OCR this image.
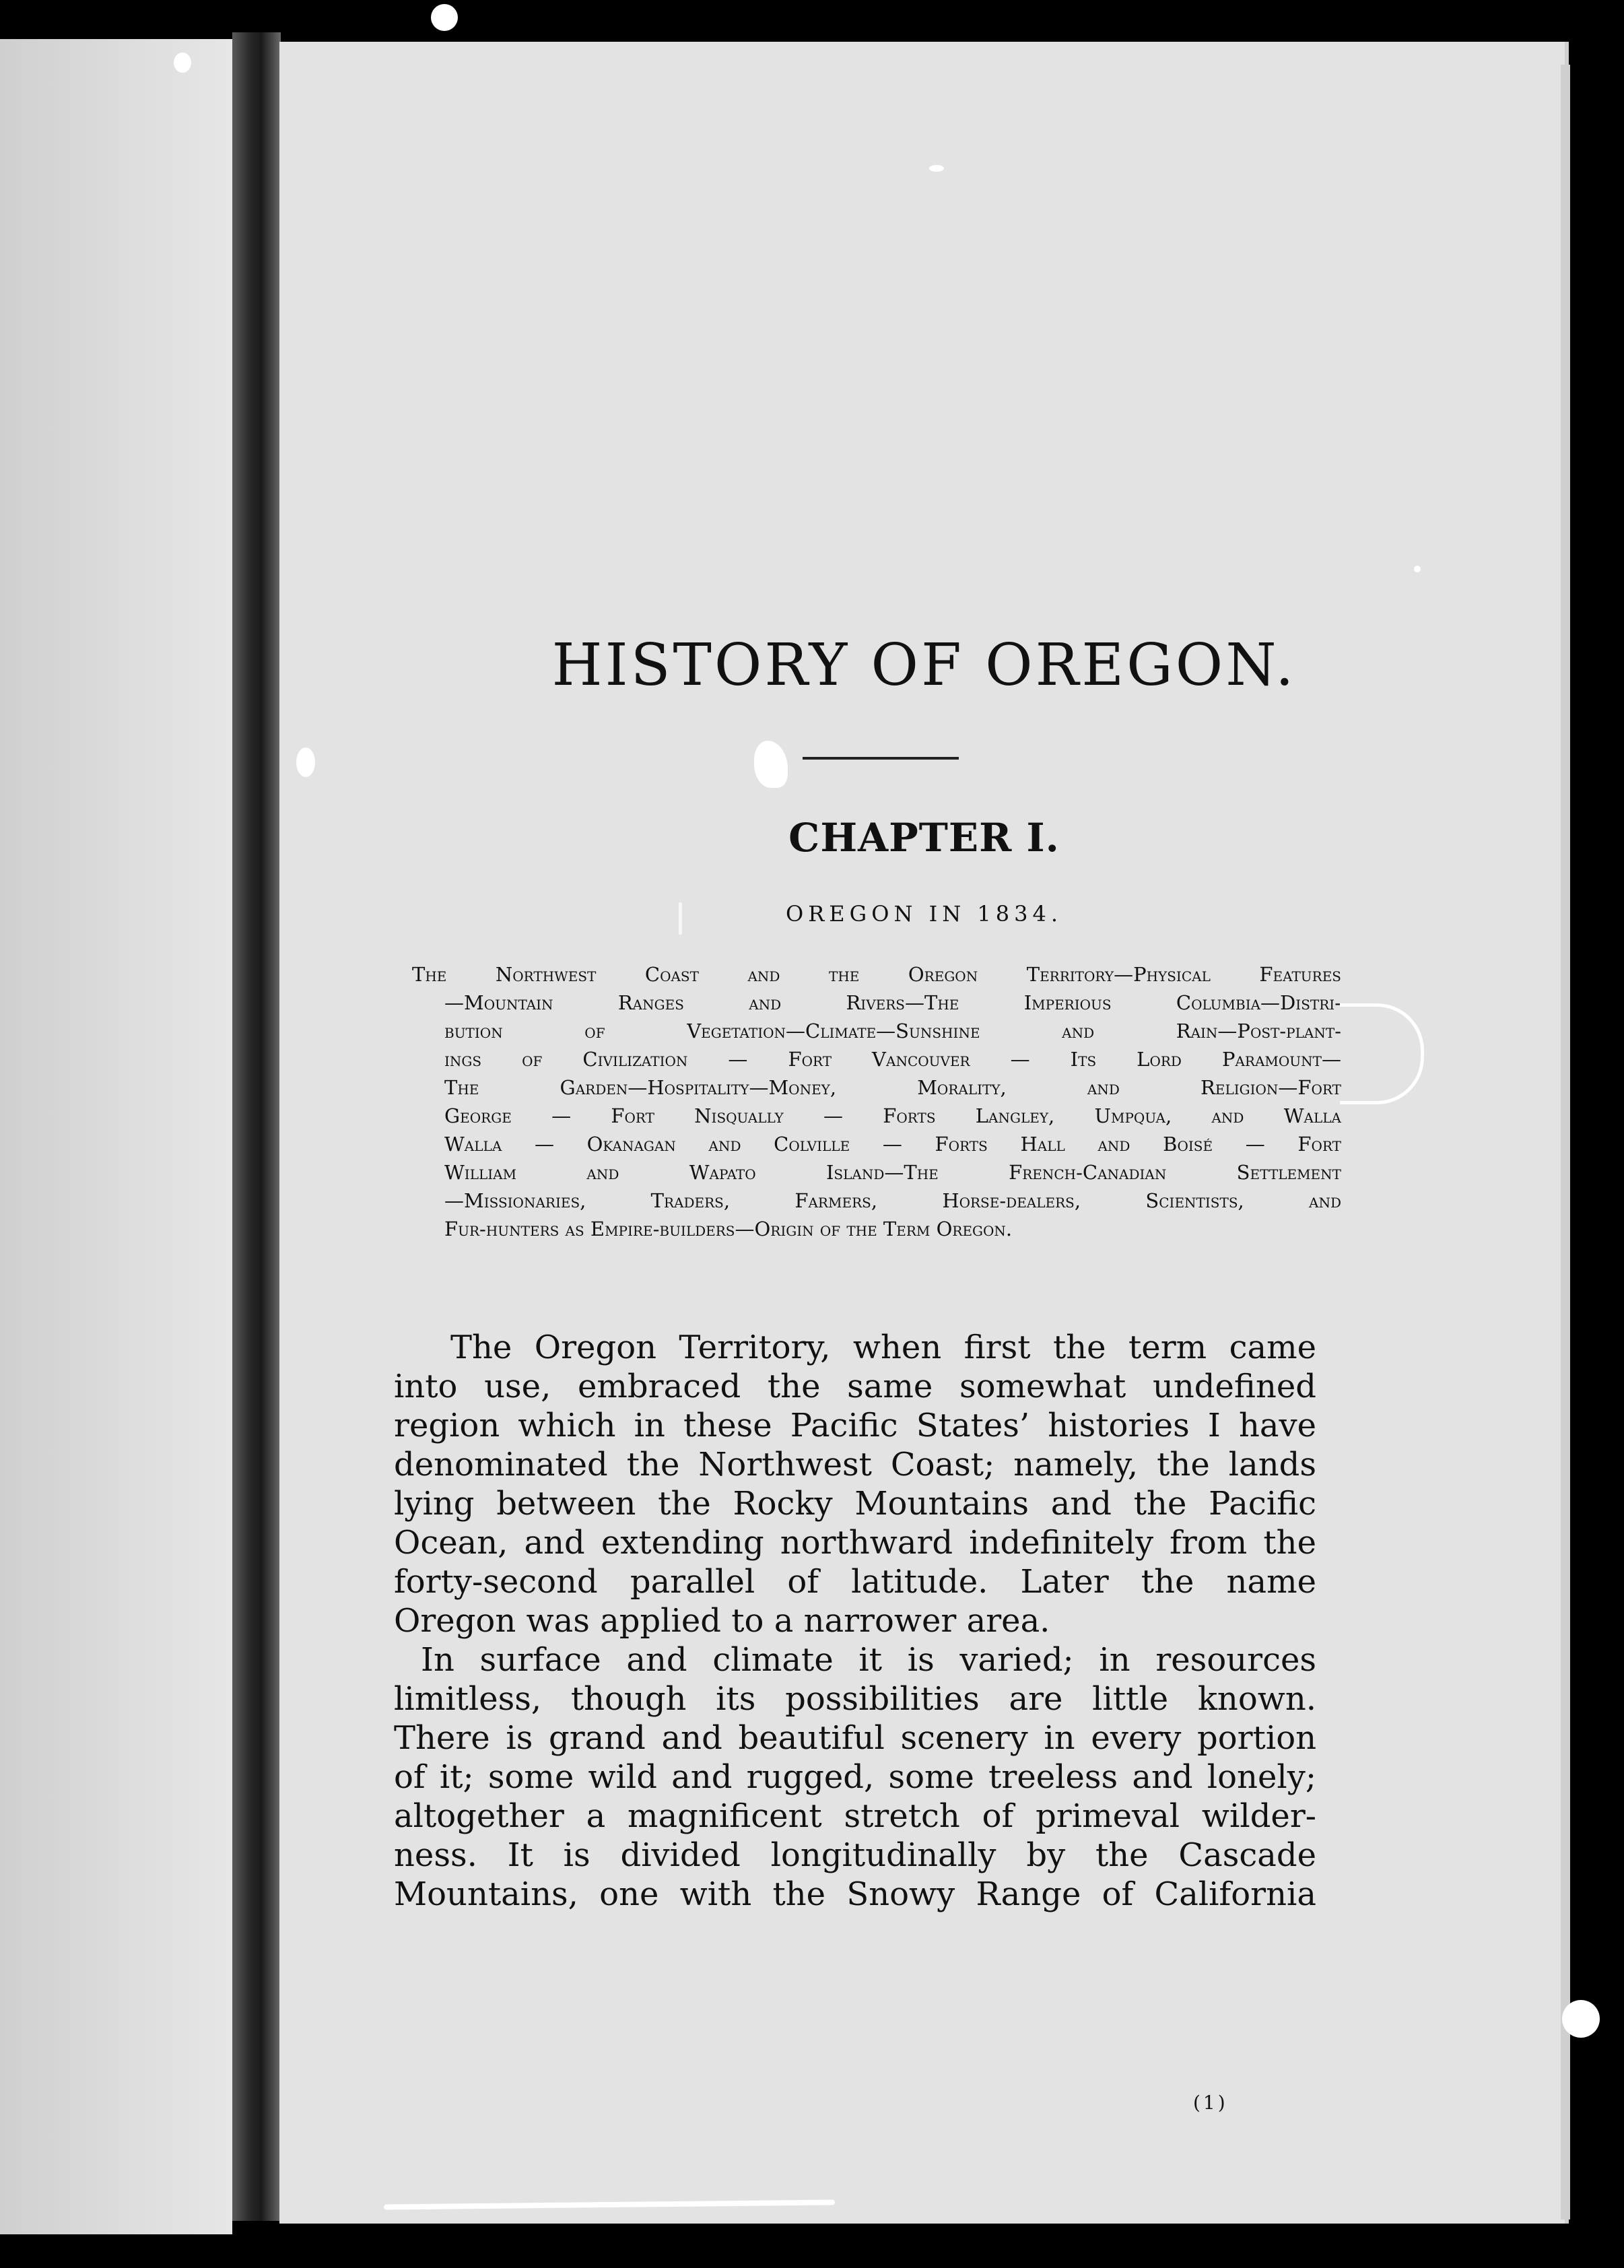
HISTORY OF OREGON.
CHAPTER I.
OREGON IN 1834.
The Northwest Coast and the Oregon Territory—Physical Features
—Mountain Ranges and Rivers—The Imperious Columbia—Distri-
bution of Vegetation—Climate—Sunshine and Rain—Post-plant-
ings of Civilization — Fort Vancouver — Its Lord Paramount—
The Garden—Hospitality—Money, Morality, and Religion—Fort
George — Fort Nisqually — Forts Langley, Umpqua, and Walla
Walla — Okanagan and Colville — Forts Hall and Boisé — Fort
William and Wapato Island—The French-Canadian Settlement
—Missionaries, Traders, Farmers, Horse-dealers, Scientists, and
Fur-hunters as Empire-builders—Origin of the Term Oregon.
The Oregon Territory, when first the term came
into use, embraced the same somewhat undefined
region which in these Pacific States’ histories I have
denominated the Northwest Coast; namely, the lands
lying between the Rocky Mountains and the Pacific
Ocean, and extending northward indefinitely from the
forty-second parallel of latitude. Later the name
Oregon was applied to a narrower area.
In surface and climate it is varied; in resources
limitless, though its possibilities are little known.
There is grand and beautiful scenery in every portion
of it; some wild and rugged, some treeless and lonely;
altogether a magnificent stretch of primeval wilder-
ness. It is divided longitudinally by the Cascade
Mountains, one with the Snowy Range of California
(1)
